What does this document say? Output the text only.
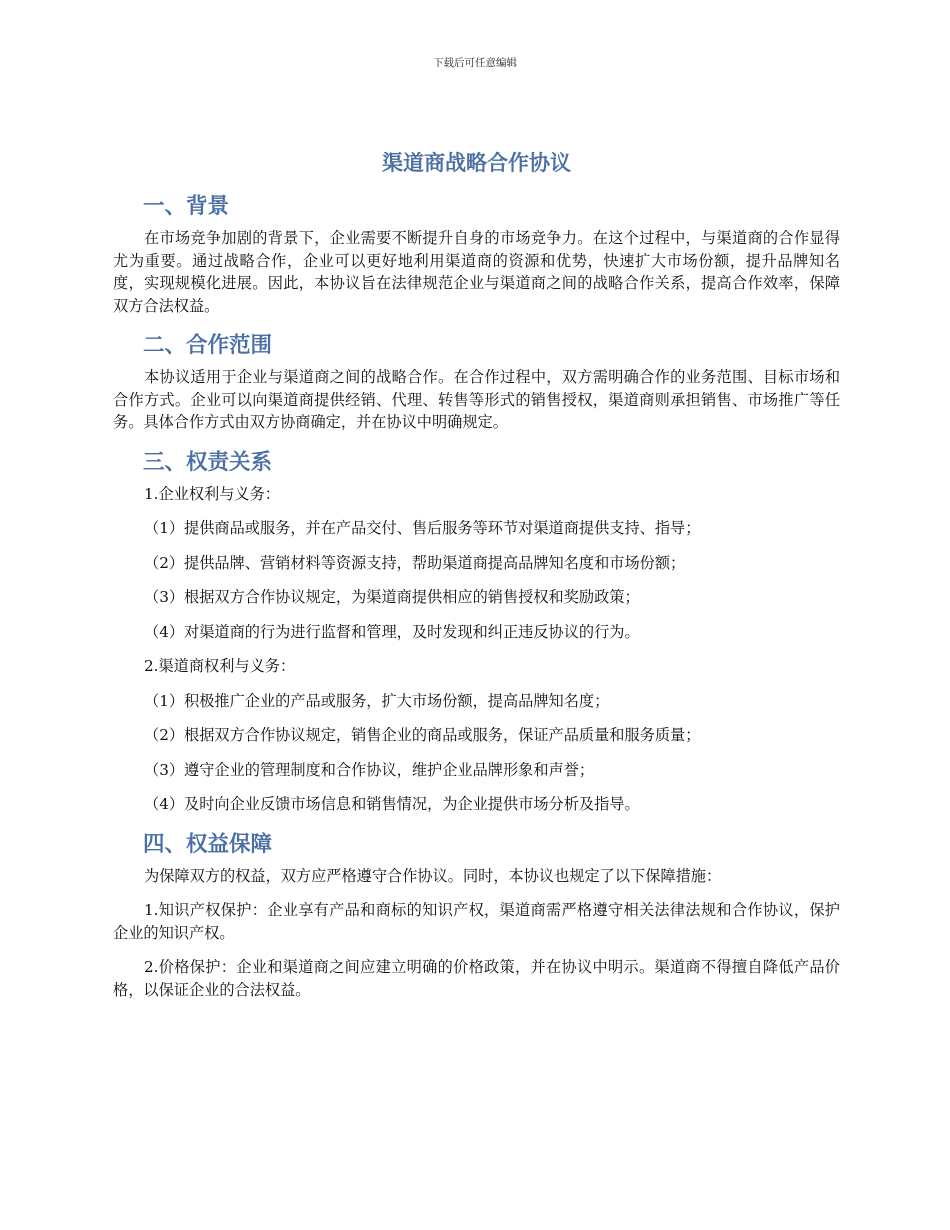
下载后可任意编辑
渠道商战略合作协议
一、背景

在市场竞争加剧的背景下，企业需要不断提升自身的市场竞争力。在这个过程中，与渠道商的合作显得尤为重要。通过战略合作，企业可以更好地利用渠道商的资源和优势，快速扩大市场份额，提升品牌知名度，实现规模化进展。因此，本协议旨在法律规范企业与渠道商之间的战略合作关系，提高合作效率，保障双方合法权益。

二、合作范围

本协议适用于企业与渠道商之间的战略合作。在合作过程中，双方需明确合作的业务范围、目标市场和合作方式。企业可以向渠道商提供经销、代理、转售等形式的销售授权，渠道商则承担销售、市场推广等任务。具体合作方式由双方协商确定，并在协议中明确规定。

三、权责关系
1.企业权利与义务：
（1）提供商品或服务，并在产品交付、售后服务等环节对渠道商提供支持、指导；
（2）提供品牌、营销材料等资源支持，帮助渠道商提高品牌知名度和市场份额；
（3）根据双方合作协议规定，为渠道商提供相应的销售授权和奖励政策；
（4）对渠道商的行为进行监督和管理，及时发现和纠正违反协议的行为。
2.渠道商权利与义务：
（1）积极推广企业的产品或服务，扩大市场份额，提高品牌知名度；
（2）根据双方合作协议规定，销售企业的商品或服务，保证产品质量和服务质量；
（3）遵守企业的管理制度和合作协议，维护企业品牌形象和声誉；
（4）及时向企业反馈市场信息和销售情况，为企业提供市场分析及指导。
四、权益保障

为保障双方的权益，双方应严格遵守合作协议。同时，本协议也规定了以下保障措施：

1.知识产权保护：企业享有产品和商标的知识产权，渠道商需严格遵守相关法律法规和合作协议，保护企业的知识产权。

2.价格保护：企业和渠道商之间应建立明确的价格政策，并在协议中明示。渠道商不得擅自降低产品价格，以保证企业的合法权益。
